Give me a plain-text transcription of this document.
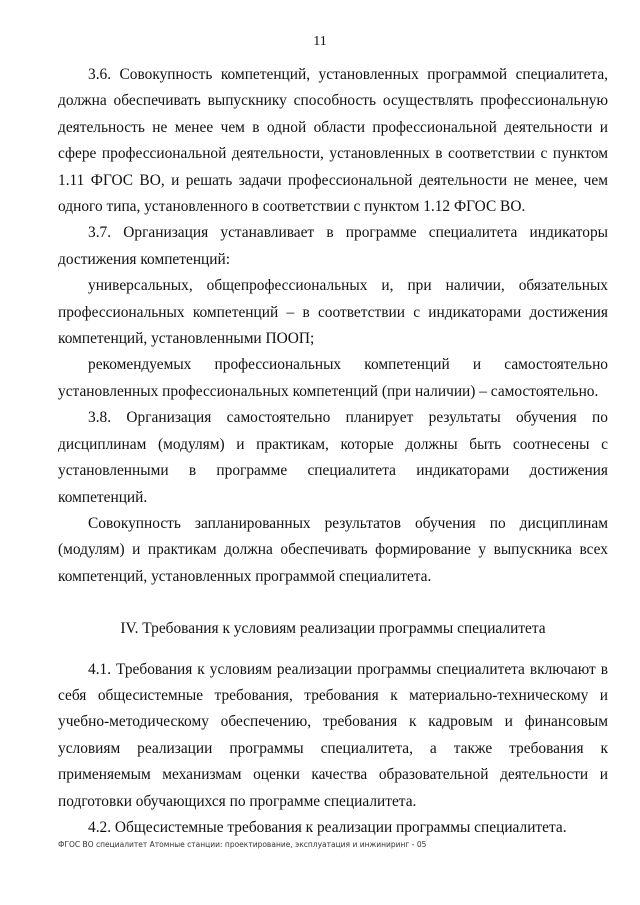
11

3.6. Совокупность компетенций, установленных программой специалитета, должна обеспечивать выпускнику способность осуществлять профессиональную деятельность не менее чем в одной области профессиональной деятельности и сфере профессиональной деятельности, установленных в соответствии с пунктом 1.11 ФГОС ВО, и решать задачи профессиональной деятельности не менее, чем одного типа, установленного в соответствии с пунктом 1.12 ФГОС ВО.

3.7. Организация устанавливает в программе специалитета индикаторы достижения компетенций:

универсальных, общепрофессиональных и, при наличии, обязательных профессиональных компетенций – в соответствии с индикаторами достижения компетенций, установленными ПООП;

рекомендуемых профессиональных компетенций и самостоятельно установленных профессиональных компетенций (при наличии) – самостоятельно.

3.8. Организация самостоятельно планирует результаты обучения по дисциплинам (модулям) и практикам, которые должны быть соотнесены с установленными в программе специалитета индикаторами достижения компетенций.

Совокупность запланированных результатов обучения по дисциплинам (модулям) и практикам должна обеспечивать формирование у выпускника всех компетенций, установленных программой специалитета.

IV. Требования к условиям реализации программы специалитета

4.1. Требования к условиям реализации программы специалитета включают в себя общесистемные требования, требования к материально-техническому и учебно-методическому обеспечению, требования к кадровым и финансовым условиям реализации программы специалитета, а также требования к применяемым механизмам оценки качества образовательной деятельности и подготовки обучающихся по программе специалитета.

4.2. Общесистемные требования к реализации программы специалитета.

ФГОС ВО специалитет Атомные станции: проектирование, эксплуатация и инжиниринг - 05
